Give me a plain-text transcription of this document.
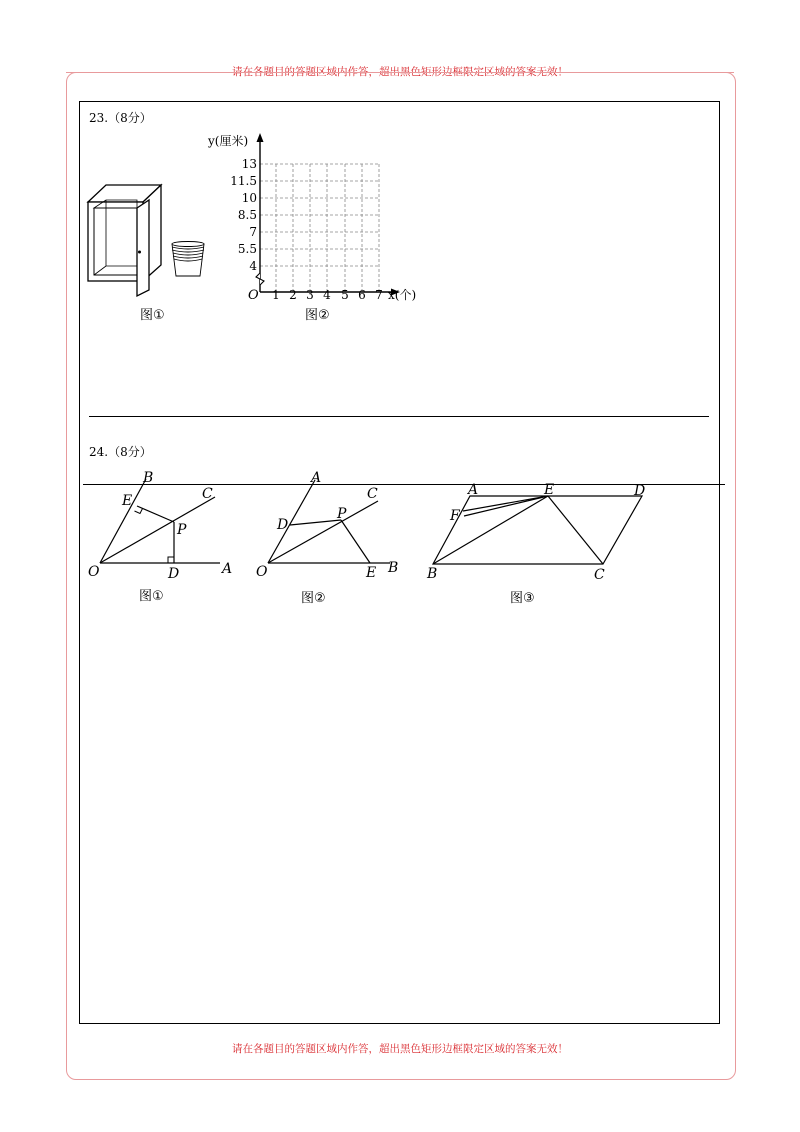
请在各题目的答题区域内作答，超出黑色矩形边框限定区域的答案无效！
23.（8分）
图①
13
11.5
10
8.5
7
5.5
4
O
y(厘米)
x(个)
1 2 3 4 5 6 7
图②
24.（8分）
B
E	C
P
O	D	A
图①
A
C
D
P
O	E B
图②
A	E	D
F
B	C
图③
请在各题目的答题区域内作答，超出黑色矩形边框限定区域的答案无效！
